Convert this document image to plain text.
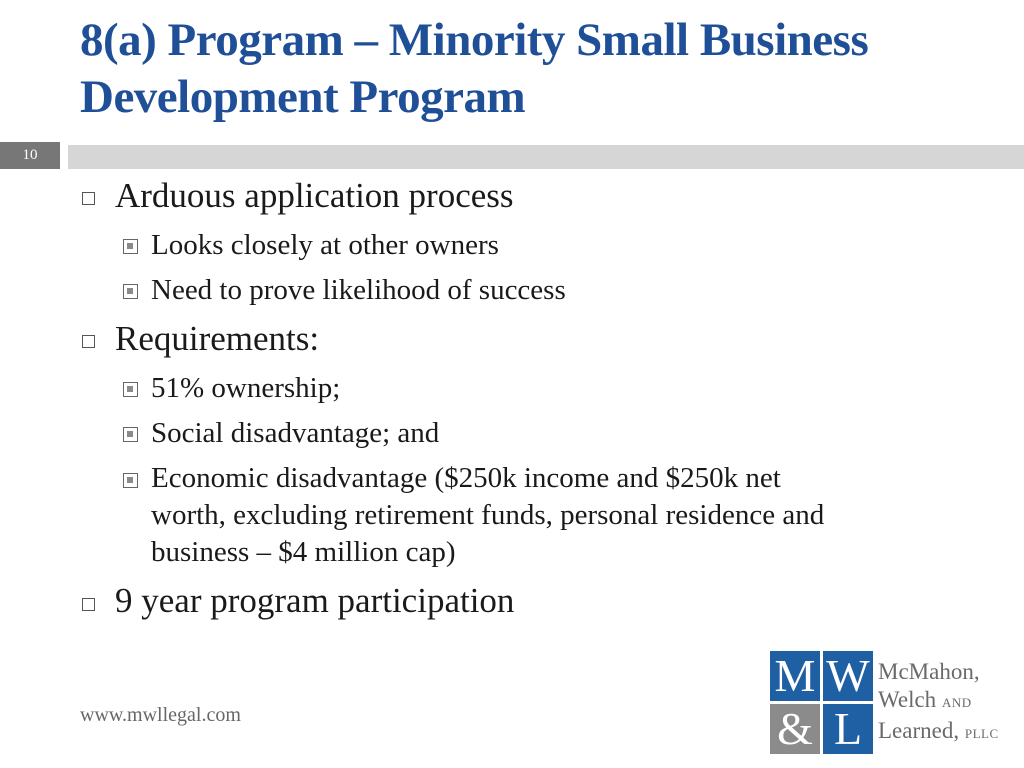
8(a) Program – Minority Small Business
Development Program
10
Arduous application process
Looks closely at other owners
Need to prove likelihood of success
Requirements:
51% ownership;
Social disadvantage; and
Economic disadvantage ($250k income and $250k net
worth, excluding retirement funds, personal residence and
business – $4 million cap)
9 year program participation
www.mwllegal.com
M W
& L
McMahon,
Welch AND
Learned, PLLC
